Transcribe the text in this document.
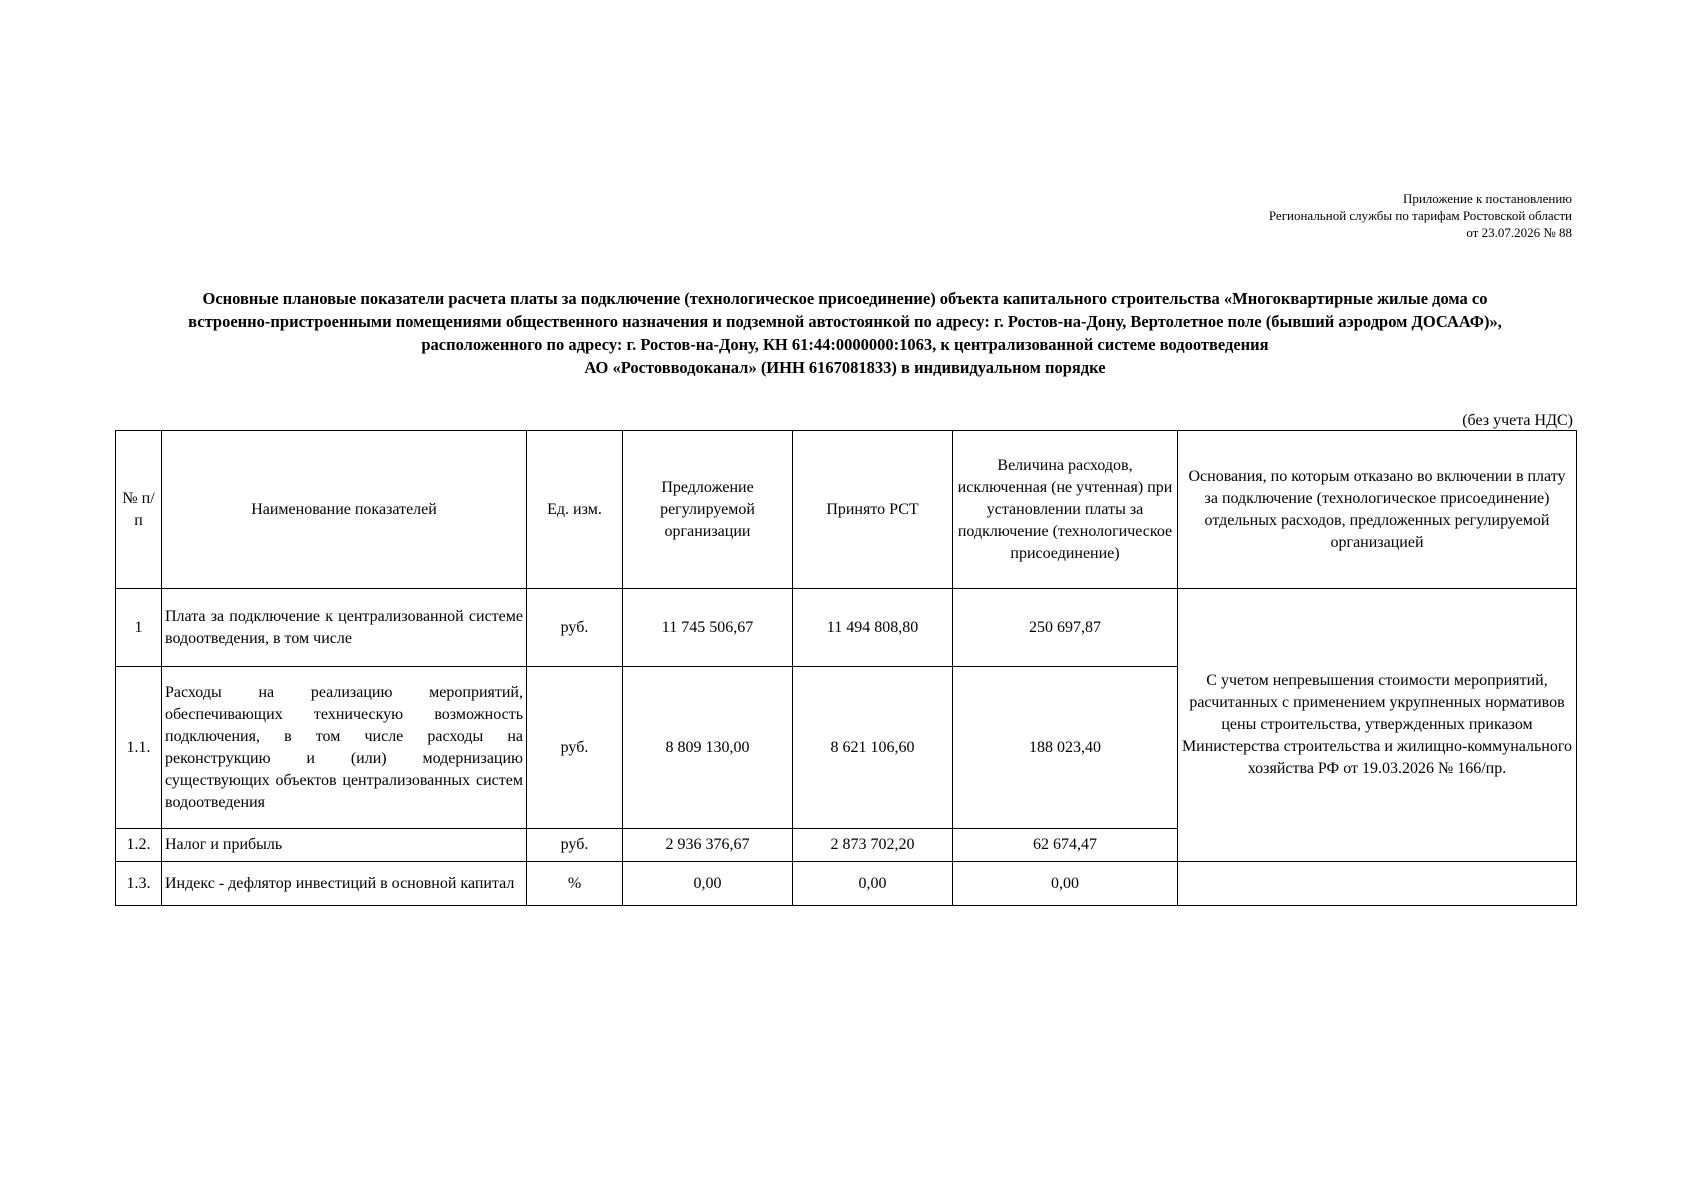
Приложение к постановлению
Региональной службы по тарифам Ростовской области
от 23.07.2026 № 88
Основные плановые показатели расчета платы за подключение (технологическое присоединение) объекта капитального строительства «Многоквартирные жилые дома со
встроенно-пристроенными помещениями общественного назначения и подземной автостоянкой по адресу: г. Ростов-на-Дону, Вертолетное поле (бывший аэродром ДОСААФ)»,
расположенного по адресу: г. Ростов-на-Дону, КН 61:44:0000000:1063, к централизованной системе водоотведения
АО «Ростовводоканал» (ИНН 6167081833) в индивидуальном порядке
(без учета НДС)
№ п/п	Наименование показателей	Ед. изм.	Предложение регулируемой организации	Принято РСТ	Величина расходов, исключенная (не учтенная) при установлении платы за подключение (технологическое присоединение)	Основания, по которым отказано во включении в плату за подключение (технологическое присоединение) отдельных расходов, предложенных регулируемой организацией
1	Плата за подключение к централизованной системе водоотведения, в том числе	руб.	11 745 506,67	11 494 808,80	250 697,87	С учетом непревышения стоимости мероприятий, расчитанных с применением укрупненных нормативов цены строительства, утвержденных приказом Министерства строительства и жилищно-коммунального хозяйства РФ от 19.03.2026 № 166/пр.
1.1.	Расходы на реализацию мероприятий, обеспечивающих техническую возможность подключения, в том числе расходы на реконструкцию и (или) модернизацию существующих объектов централизованных систем водоотведения	руб.	8 809 130,00	8 621 106,60	188 023,40	
1.2.	Налог и прибыль	руб.	2 936 376,67	2 873 702,20	62 674,47	
1.3.	Индекс - дефлятор инвестиций в основной капитал	%	0,00	0,00	0,00	
